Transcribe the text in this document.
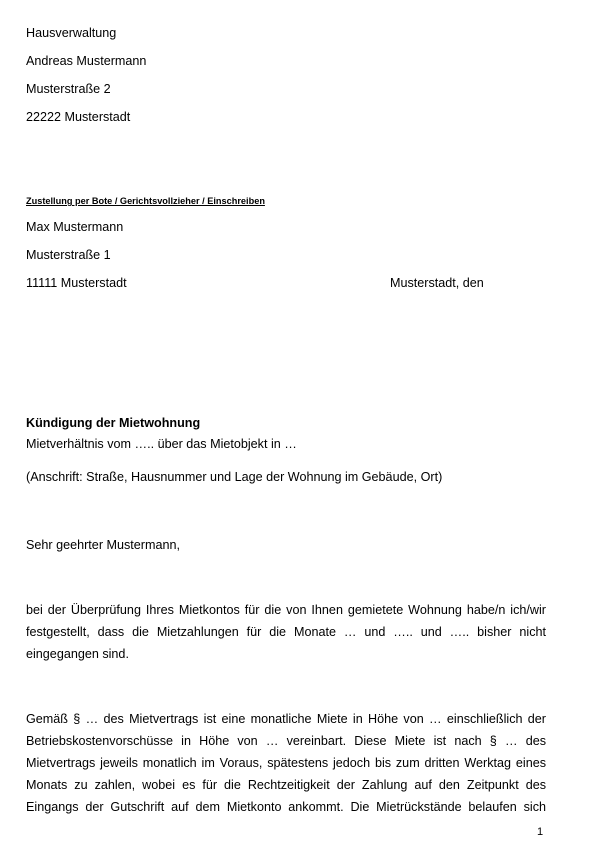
Hausverwaltung
Andreas Mustermann
Musterstraße 2
22222 Musterstadt
Zustellung per Bote / Gerichtsvollzieher / Einschreiben
Max Mustermann
Musterstraße 1
11111 Musterstadt	Musterstadt, den
Kündigung der Mietwohnung
Mietverhältnis vom ….. über das Mietobjekt in …
(Anschrift: Straße, Hausnummer und Lage der Wohnung im Gebäude, Ort)
Sehr geehrter Mustermann,
bei der Überprüfung Ihres Mietkontos für die von Ihnen gemietete Wohnung habe/n ich/wir
festgestellt, dass die Mietzahlungen für die Monate … und ….. und ….. bisher nicht
eingegangen sind.
Gemäß § … des Mietvertrags ist eine monatliche Miete in Höhe von … einschließlich der
Betriebskostenvorschüsse in Höhe von … vereinbart. Diese Miete ist nach § … des
Mietvertrags jeweils monatlich im Voraus, spätestens jedoch bis zum dritten Werktag eines
Monats zu zahlen, wobei es für die Rechtzeitigkeit der Zahlung auf den Zeitpunkt des
Eingangs der Gutschrift auf dem Mietkonto ankommt. Die Mietrückstände belaufen sich
1
